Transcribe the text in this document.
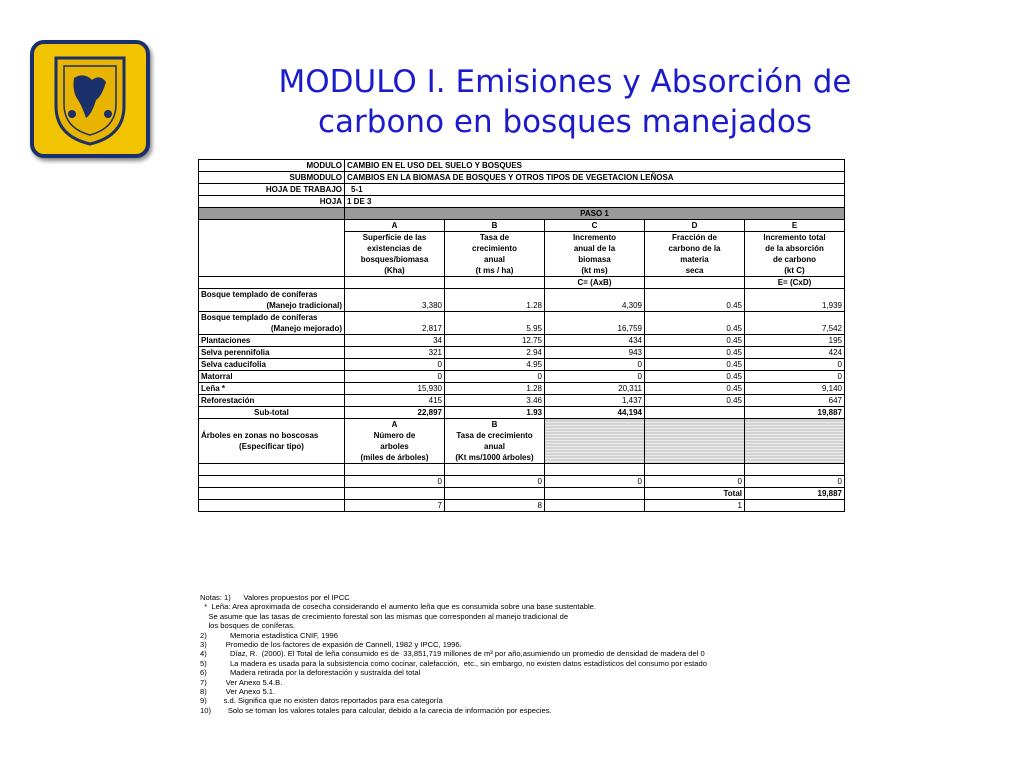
MODULO I. Emisiones y Absorción de
carbono en bosques manejados
MODULO	CAMBIO EN EL USO DEL SUELO Y BOSQUES				
SUBMODULO	CAMBIOS EN LA BIOMASA DE BOSQUES Y OTROS TIPOS DE VEGETACION LEÑOSA				
HOJA DE TRABAJO	5-1				
HOJA	1 DE 3				
	PASO 1				
	A	B	C	D	E
	Superficie de las	Tasa de	Incremento	Fracción de	Incremento total
	existencias de	crecimiento	anual de la	carbono de la	de la absorción
	bosques/biomasa	anual	biomasa	materia	de carbono
	(Kha)	(t ms / ha)	(kt ms)	seca	(kt C)
			C= (AxB)		E= (CxD)
Bosque templado de coníferas					
(Manejo tradicional)	3,380	1.28	4,309	0.45	1,939
Bosque templado de coníferas					
(Manejo mejorado)	2,817	5.95	16,759	0.45	7,542
Plantaciones	34	12.75	434	0.45	195
Selva perennifolia	321	2.94	943	0.45	424
Selva caducifolia	0	4.95	0	0.45	0
Matorral	0	0	0	0.45	0
Leña *	15,930	1.28	20,311	0.45	9,140
Reforestación	415	3.46	1,437	0.45	647
Sub-total	22,897	1.93	44,194		19,887
	A	B			
Árboles en zonas no boscosas	Número de	Tasa de crecimiento			
(Especificar tipo)	arboles	anual			
	(miles de árboles)	(Kt ms/1000 árboles)			

	0	0	0	0	0
				Total	19,887
	7	8		1	
Notas: 1)      Valores propuestos por el IPCC
*  Leña: Area aproximada de cosecha considerando el aumento leña que es consumida sobre una base sustentable.
Se asume que las tasas de crecimiento forestal son las mismas que corresponden al manejo tradicional de
los bosques de coníferas.
2)           Memoria estadística CNIF, 1996
3)         Promedio de los factores de expasión de Cannell, 1982 y IPCC, 1996.
4)           Díaz, R.  (2000). El Total de leña consumido es de  33,851,719 millones de m³ por año,asumiendo un promedio de densidad de madera del 0
5)           La madera es usada para la subsistencia como cocinar, calefacción,  etc., sin embargo, no existen datos estadísticos del consumo por estado
6)           Madera retirada por la deforestación y sustraída del total
7)         Ver Anexo 5.4.B.
8)         Ver Anexo 5.1.
9)        s.d. Significa que no existen datos reportados para esa categoría
10)        Solo se toman los valores totales para calcular, debido a la carecia de información por especies.
